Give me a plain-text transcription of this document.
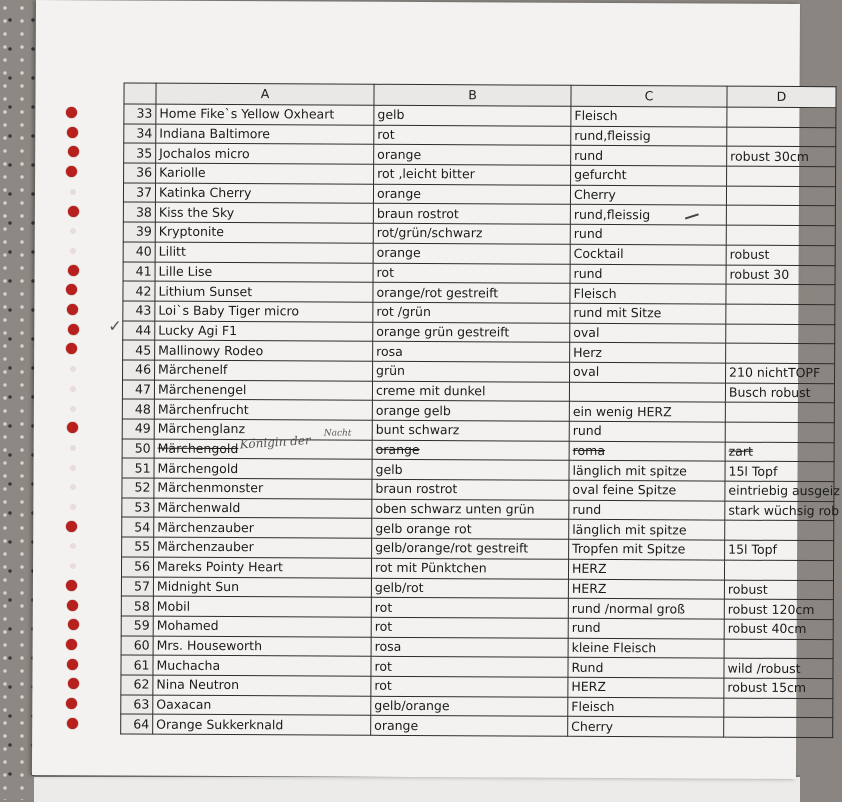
	A	B	C	D
33	Home Fike`s Yellow Oxheart	gelb	Fleisch	
34	Indiana Baltimore	rot	rund,fleissig	
35	Jochalos micro	orange	rund	robust 30cm
36	Kariolle	rot ,leicht bitter	gefurcht	
37	Katinka Cherry	orange	Cherry	
38	Kiss the Sky	braun rostrot	rund,fleissig	
39	Kryptonite	rot/grün/schwarz	rund	
40	Lilitt	orange	Cocktail	robust
41	Lille Lise	rot	rund	robust 30
42	Lithium Sunset	orange/rot gestreift	Fleisch	
43	Loi`s Baby Tiger micro	rot /grün	rund mit Sitze	
44	Lucky Agi F1	orange grün gestreift	oval	
45	Mallinowy Rodeo	rosa	Herz	
46	Märchenelf	grün	oval	210 nichtTOPF
47	Märchenengel	creme mit dunkel		Busch robust
48	Märchenfrucht	orange gelb	ein wenig HERZ	
49	Märchenglanz	bunt schwarz	rund	
50	Märchengold	orange	roma	zart
51	Märchengold	gelb	länglich mit spitze	15l Topf
52	Märchenmonster	braun rostrot	oval feine Spitze	eintriebig ausgeiz
53	Märchenwald	oben schwarz unten grün	rund	stark wüchsig rob
54	Märchenzauber	gelb orange rot	länglich mit spitze	
55	Märchenzauber	gelb/orange/rot gestreift	Tropfen mit Spitze	15l Topf
56	Mareks Pointy Heart	rot mit Pünktchen	HERZ	
57	Midnight Sun	gelb/rot	HERZ	robust
58	Mobil	rot	rund /normal groß	robust 120cm
59	Mohamed	rot	rund	robust 40cm
60	Mrs. Houseworth	rosa	kleine Fleisch	
61	Muchacha	rot	Rund	wild /robust
62	Nina Neutron	rot	HERZ	robust 15cm
63	Oaxacan	gelb/orange	Fleisch	
64	Orange Sukkerknald	orange	Cherry	
Königin der Nacht
✓
